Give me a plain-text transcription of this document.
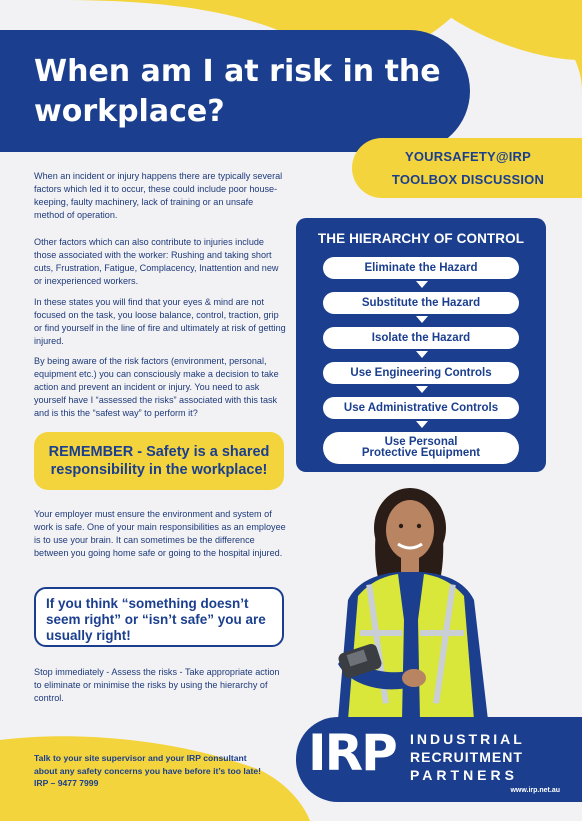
When am I at risk in the
workplace?
YOURSAFETY@IRP
TOOLBOX DISCUSSION
When an incident or injury happens there are typically several factors which led it to occur, these could include poor house-keeping, faulty machinery, lack of training or an unsafe method of operation.
Other factors which can also contribute to injuries include those associated with the worker: Rushing and taking short cuts, Frustration, Fatigue, Complacency, Inattention and new or inexperienced workers.
In these states you will find that your eyes & mind are not focused on the task, you loose balance, control, traction, grip or find yourself in the line of fire and ultimately at risk of getting injured.
By being aware of the risk factors (environment, personal, equipment etc.) you can consciously make a decision to take action and prevent an incident or injury. You need to ask yourself have I “assessed the risks” associated with this task and is this the “safest way” to perform it?
REMEMBER - Safety is a shared
responsibility in the workplace!
Your employer must ensure the environment and system of work is safe. One of your main responsibilities as an employee is to use your brain. It can sometimes be the difference between you going home safe or going to the hospital injured.
If you think “something doesn’t seem right” or “isn’t safe” you are usually right!
Stop immediately - Assess the risks - Take appropriate action to eliminate or minimise the risks by using the hierarchy of control.
THE HIERARCHY OF CONTROL
Eliminate the Hazard
Substitute the Hazard
Isolate the Hazard
Use Engineering Controls
Use Administrative Controls
Use Personal
Protective Equipment
Talk to your site supervisor and your IRP consultant about any safety concerns you have before it’s too late! IRP – 9477 7999
IRP INDUSTRIAL
RECRUITMENT
PARTNERS
www.irp.net.au
